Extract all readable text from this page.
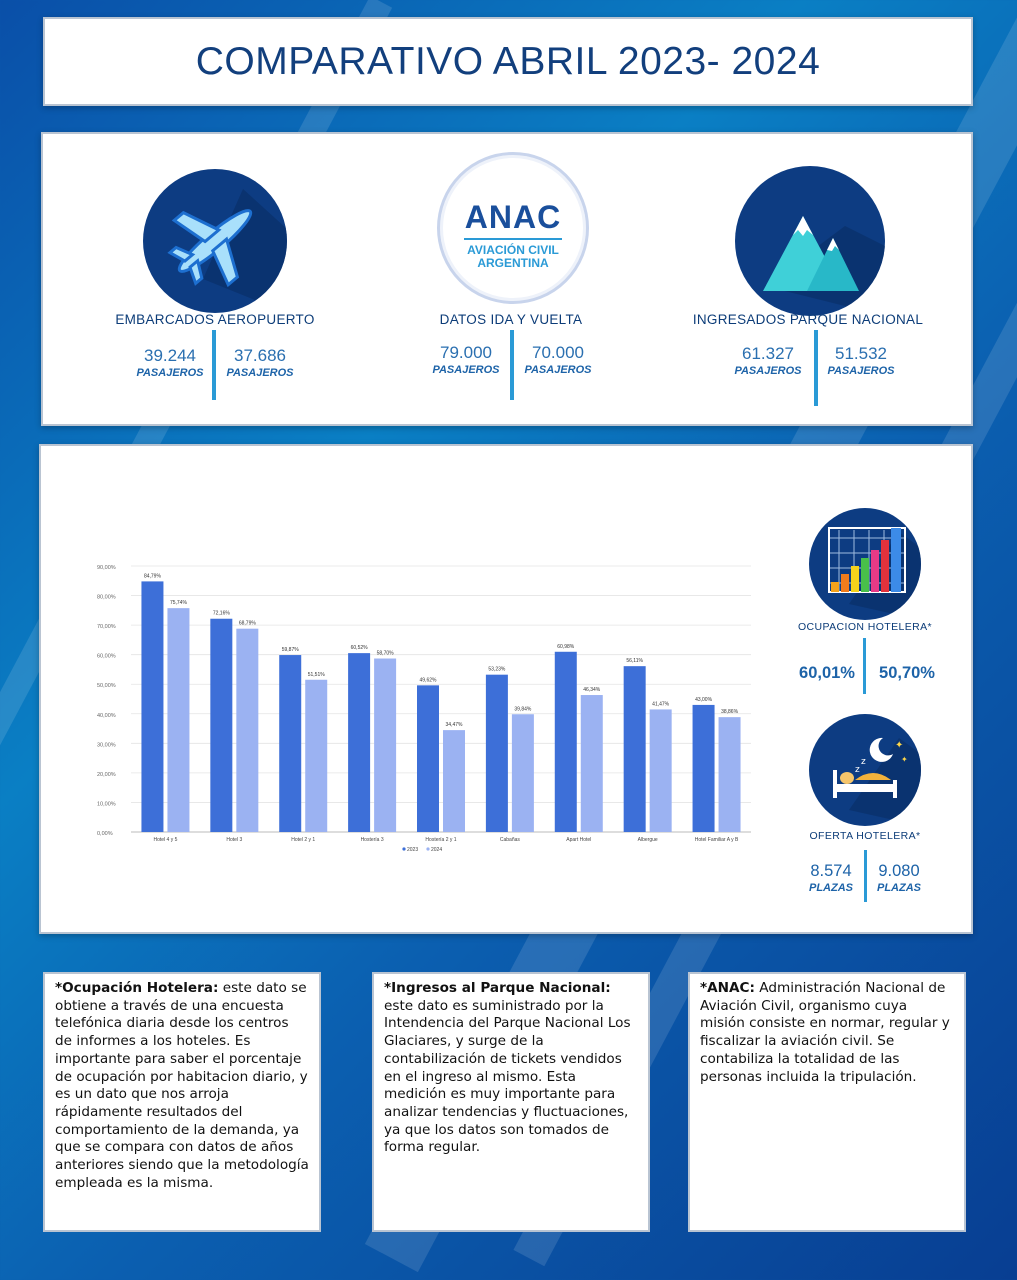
COMPARATIVO ABRIL 2023- 2024
EMBARCADOS AEROPUERTO
39.244
PASAJEROS
37.686
PASAJEROS
ANAC
AVIACIÓN CIVIL
ARGENTINA
DATOS IDA Y VUELTA
79.000
PASAJEROS
70.000
PASAJEROS
INGRESADOS PARQUE NACIONAL
61.327
PASAJEROS
51.532
PASAJEROS
0,00%
10,00%
20,00%
30,00%
40,00%
50,00%
60,00%
70,00%
80,00%
90,00%
84,79%
75,74%
Hotel 4 y 5
72,16%
68,79%
Hotel 3
59,87%
51,51%
Hotel 2 y 1
60,52%
58,70%
Hostería 3
49,62%
34,47%
Hostería 2 y 1
53,23%
39,84%
Cabañas
60,98%
46,34%
Apart Hotel
56,11%
41,47%
Albergue
43,00%
38,86%
Hotel Familiar A y B
2023	2024
OCUPACION HOTELERA*
60,01%	50,70%
✦
✦
z
z
OFERTA HOTELERA*
8.574
PLAZAS
9.080
PLAZAS
*Ocupación Hotelera: este dato se obtiene a través de una encuesta telefónica diaria desde los centros de informes a los hoteles. Es importante para saber el porcentaje de ocupación por habitacion diario, y es un dato que nos arroja rápidamente resultados del comportamiento de la demanda, ya que se compara con datos de años anteriores siendo que la metodología empleada es la misma.
*Ingresos al Parque Nacional: este dato es suministrado por la Intendencia del Parque Nacional Los Glaciares, y surge de la contabilización de tickets vendidos en el ingreso al mismo. Esta medición es muy importante para analizar tendencias y fluctuaciones, ya que los datos son tomados de forma regular.
*ANAC: Administración Nacional de Aviación Civil, organismo cuya misión consiste en normar, regular y fiscalizar la aviación civil. Se contabiliza la totalidad de las personas incluida la tripulación.
